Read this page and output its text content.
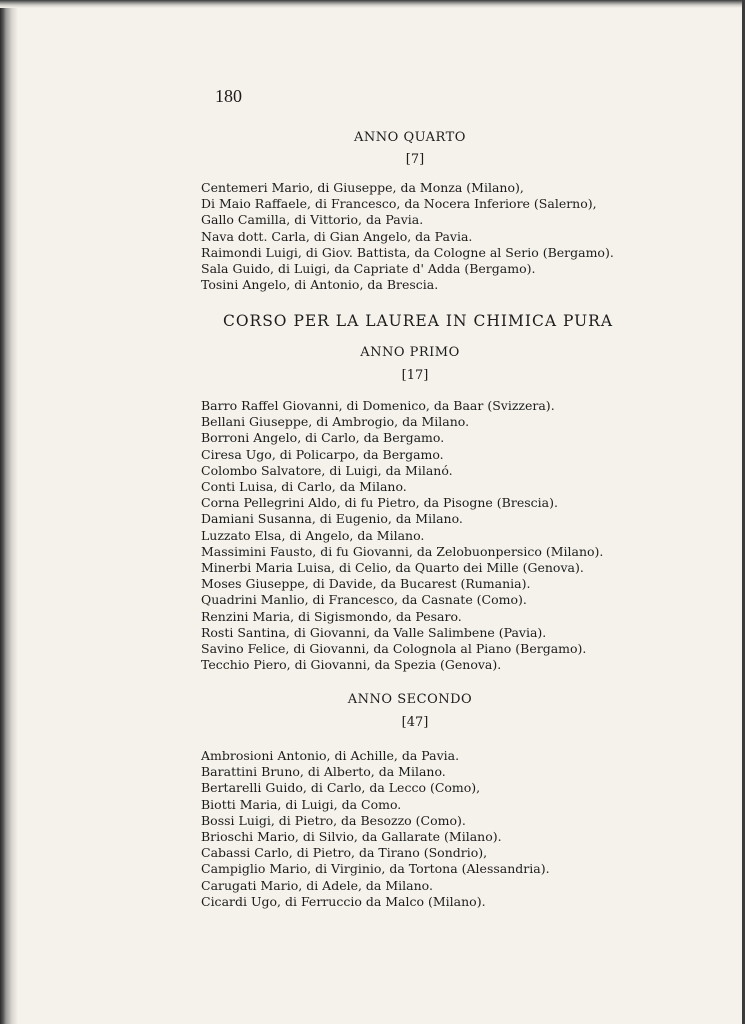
180
ANNO QUARTO
[7]
Centemeri Mario, di Giuseppe, da Monza (Milano),
Di Maio Raffaele, di Francesco, da Nocera Inferiore (Salerno),
Gallo Camilla, di Vittorio, da Pavia.
Nava dott. Carla, di Gian Angelo, da Pavia.
Raimondi Luigi, di Giov. Battista, da Cologne al Serio (Bergamo).
Sala Guido, di Luigi, da Capriate d' Adda (Bergamo).
Tosini Angelo, di Antonio, da Brescia.
CORSO PER LA LAUREA IN CHIMICA PURA
ANNO PRIMO
[17]
Barro Raffel Giovanni, di Domenico, da Baar (Svizzera).
Bellani Giuseppe, di Ambrogio, da Milano.
Borroni Angelo, di Carlo, da Bergamo.
Ciresa Ugo, di Policarpo, da Bergamo.
Colombo Salvatore, di Luigi, da Milanó.
Conti Luisa, di Carlo, da Milano.
Corna Pellegrini Aldo, di fu Pietro, da Pisogne (Brescia).
Damiani Susanna, di Eugenio, da Milano.
Luzzato Elsa, di Angelo, da Milano.
Massimini Fausto, di fu Giovanni, da Zelobuonpersico (Milano).
Minerbi Maria Luisa, di Celio, da Quarto dei Mille (Genova).
Moses Giuseppe, di Davide, da Bucarest (Rumania).
Quadrini Manlio, di Francesco, da Casnate (Como).
Renzini Maria, di Sigismondo, da Pesaro.
Rosti Santina, di Giovanni, da Valle Salimbene (Pavia).
Savino Felice, di Giovanni, da Colognola al Piano (Bergamo).
Tecchio Piero, di Giovanni, da Spezia (Genova).
ANNO SECONDO
[47]
Ambrosioni Antonio, di Achille, da Pavia.
Barattini Bruno, di Alberto, da Milano.
Bertarelli Guido, di Carlo, da Lecco (Como),
Biotti Maria, di Luigi, da Como.
Bossi Luigi, di Pietro, da Besozzo (Como).
Brioschi Mario, di Silvio, da Gallarate (Milano).
Cabassi Carlo, di Pietro, da Tirano (Sondrio),
Campiglio Mario, di Virginio, da Tortona (Alessandria).
Carugati Mario, di Adele, da Milano.
Cicardi Ugo, di Ferruccio da Malco (Milano).
